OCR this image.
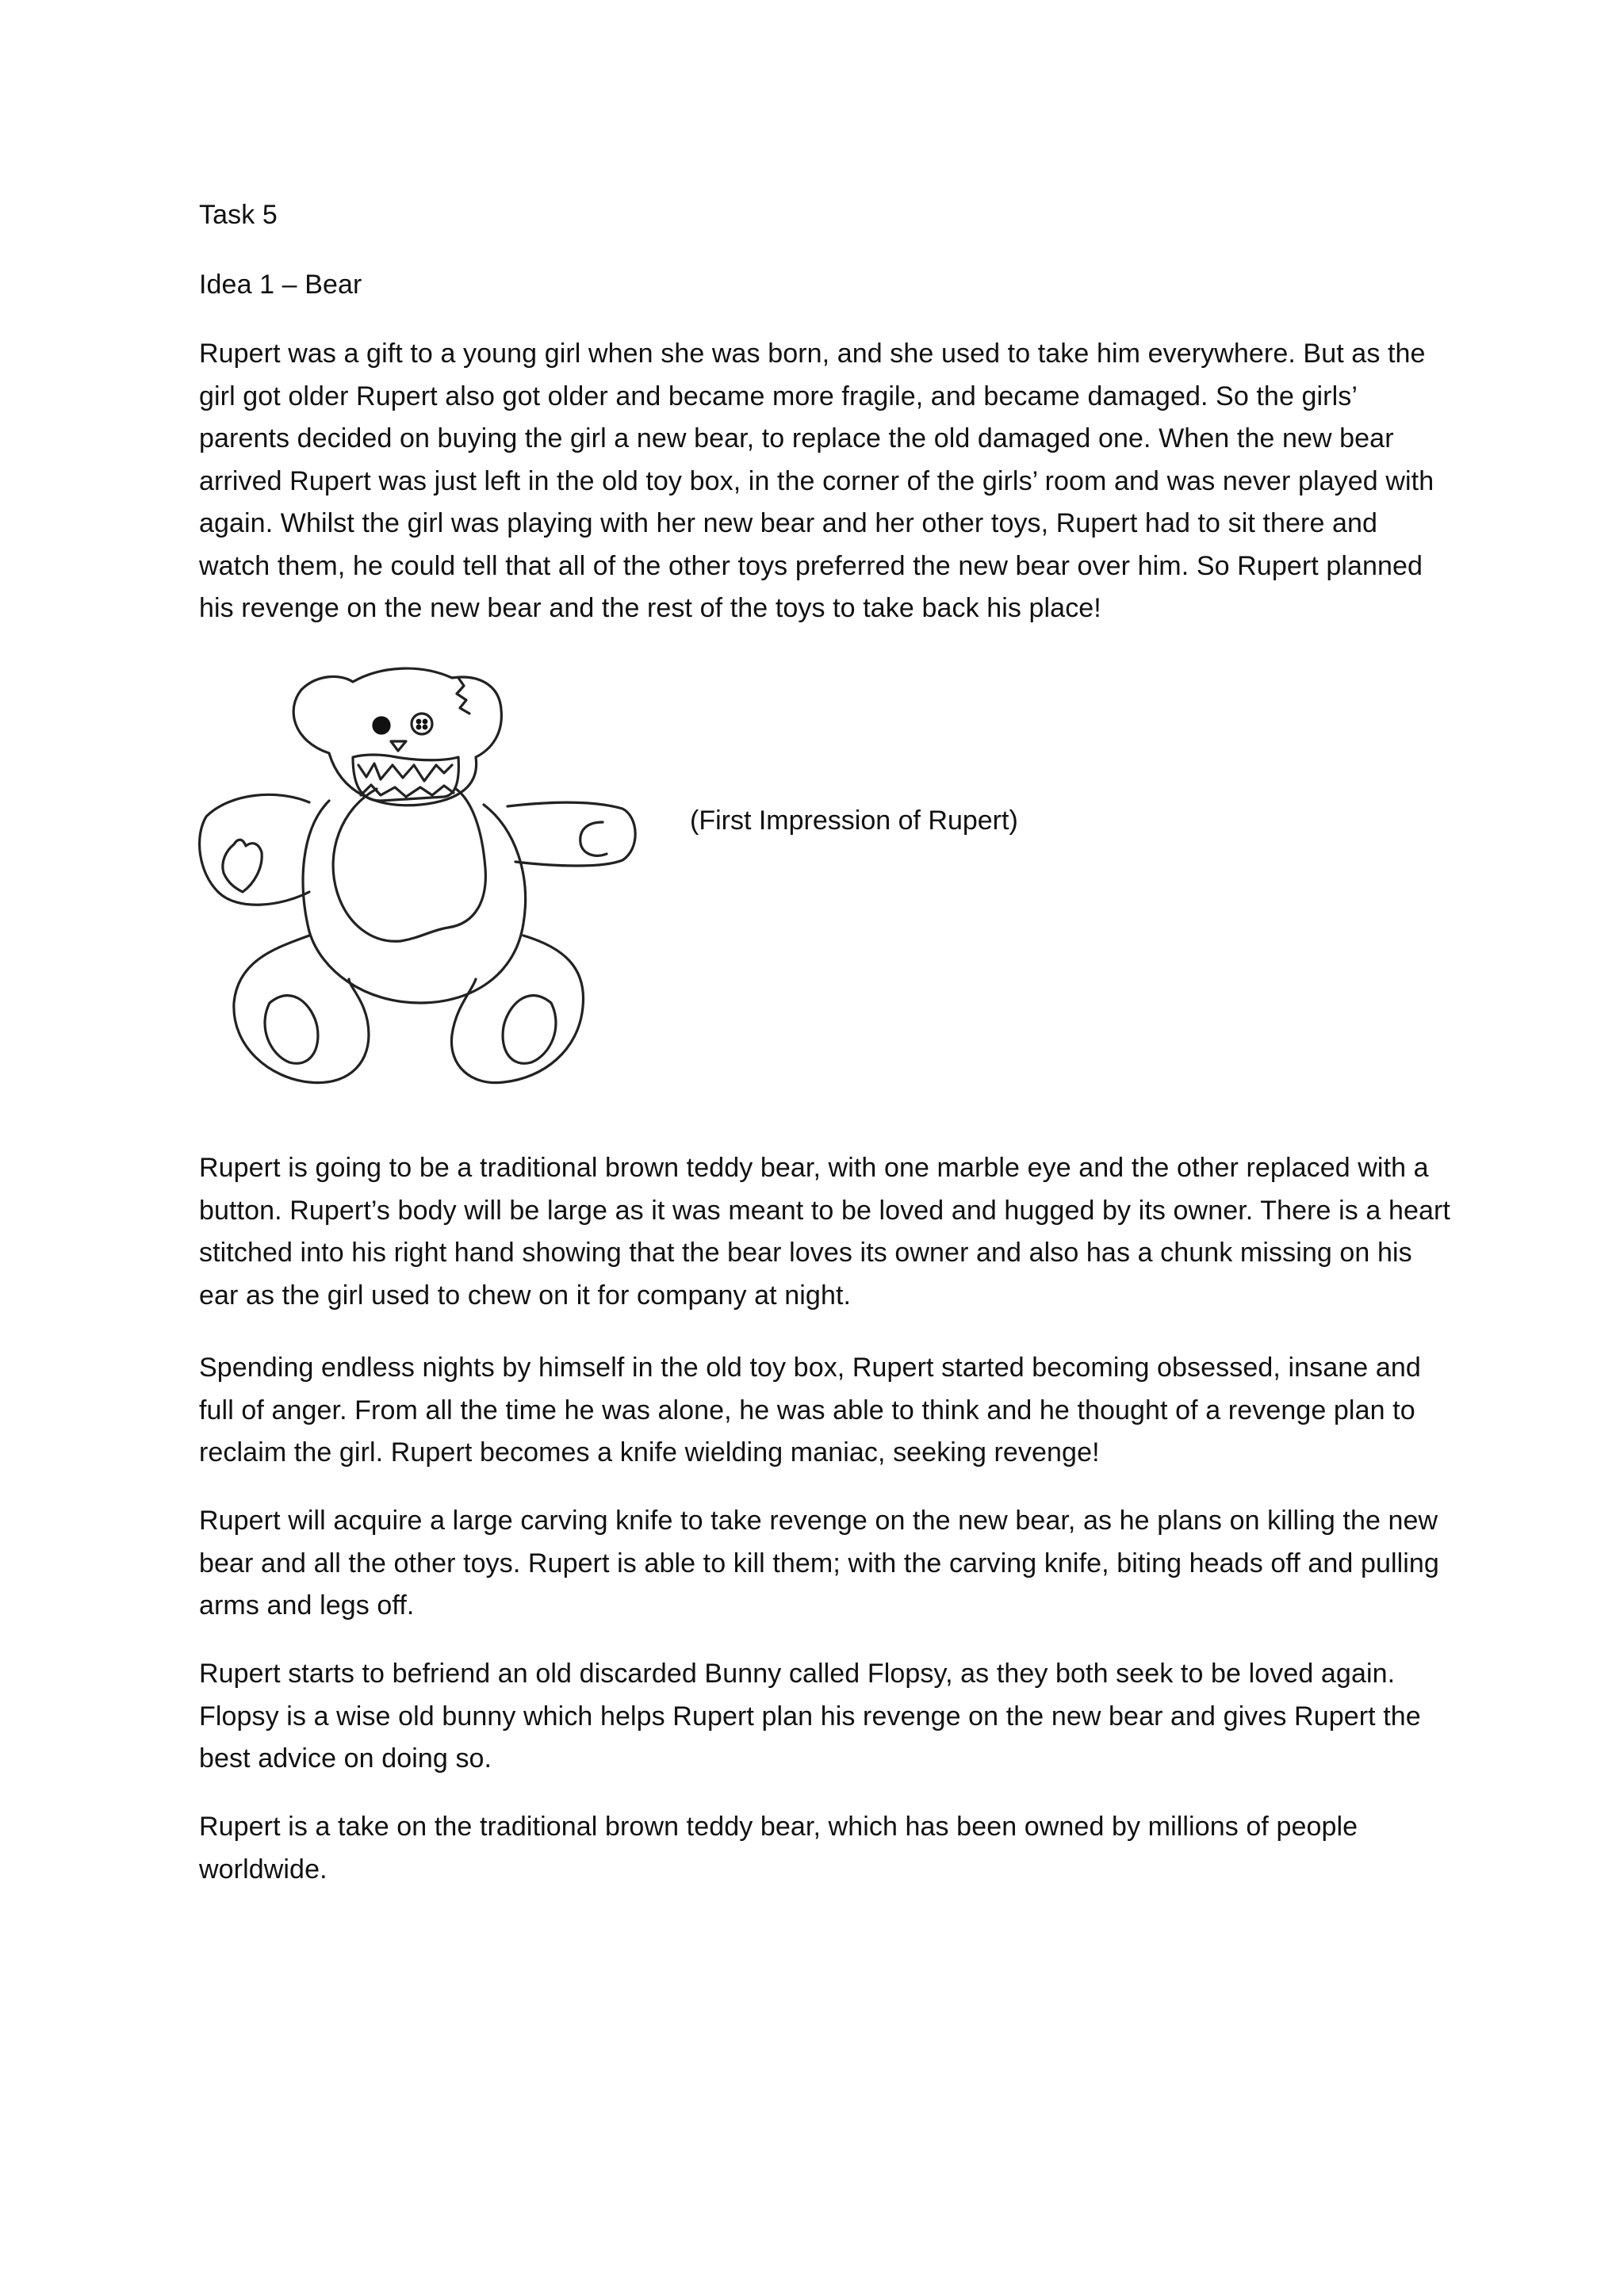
Task 5

Idea 1 – Bear

Rupert was a gift to a young girl when she was born, and she used to take him everywhere. But as the girl got older Rupert also got older and became more fragile, and became damaged. So the girls’ parents decided on buying the girl a new bear, to replace the old damaged one. When the new bear arrived Rupert was just left in the old toy box, in the corner of the girls’ room and was never played with again. Whilst the girl was playing with her new bear and her other toys, Rupert had to sit there and watch them, he could tell that all of the other toys preferred the new bear over him. So Rupert planned his revenge on the new bear and the rest of the toys to take back his place!

(First Impression of Rupert)

Rupert is going to be a traditional brown teddy bear, with one marble eye and the other replaced with a button. Rupert’s body will be large as it was meant to be loved and hugged by its owner. There is a heart stitched into his right hand showing that the bear loves its owner and also has a chunk missing on his ear as the girl used to chew on it for company at night.

Spending endless nights by himself in the old toy box, Rupert started becoming obsessed, insane and full of anger. From all the time he was alone, he was able to think and he thought of a revenge plan to reclaim the girl. Rupert becomes a knife wielding maniac, seeking revenge!

Rupert will acquire a large carving knife to take revenge on the new bear, as he plans on killing the new bear and all the other toys. Rupert is able to kill them; with the carving knife, biting heads off and pulling arms and legs off.

Rupert starts to befriend an old discarded Bunny called Flopsy, as they both seek to be loved again. Flopsy is a wise old bunny which helps Rupert plan his revenge on the new bear and gives Rupert the best advice on doing so.

Rupert is a take on the traditional brown teddy bear, which has been owned by millions of people worldwide.
